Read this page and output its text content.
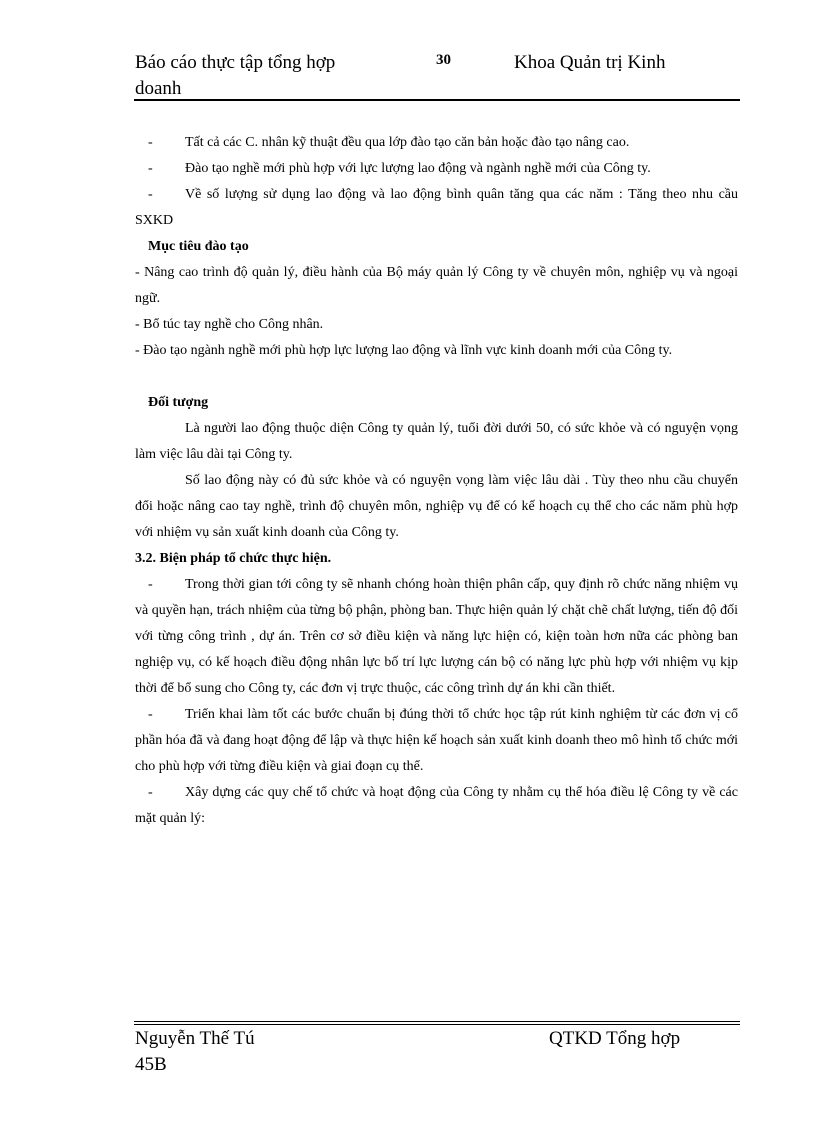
Báo cáo thực tập tổng hợp
doanh
30	Khoa Quản trị Kinh

- Tất cả các C. nhân kỹ thuật đều qua lớp đào tạo căn bản hoặc đào tạo nâng cao.

- Đào tạo nghề mới phù hợp với lực lượng lao động và ngành nghề mới của Công ty.

- Về số lượng sử dụng lao động và lao động bình quân tăng qua các năm : Tăng theo nhu cầu SXKD

Mục tiêu đào tạo

- Nâng cao trình độ quản lý, điều hành của Bộ máy quản lý Công ty về chuyên môn, nghiệp vụ và ngoại ngữ.

- Bổ túc tay nghề cho Công nhân.

- Đào tạo ngành nghề mới phù hợp lực lượng lao động và lĩnh vực kinh doanh mới của Công ty.

Đối tượng

Là người lao động thuộc diện Công ty quản lý, tuổi đời dưới 50, có sức khỏe và có nguyện vọng làm việc lâu dài tại Công ty.

Số lao động này có đủ sức khỏe và có nguyện vọng làm việc lâu dài . Tùy theo nhu cầu chuyển đổi hoặc nâng cao tay nghề, trình độ chuyên môn, nghiệp vụ để có kế hoạch cụ thể cho các năm phù hợp với nhiệm vụ sản xuất kinh doanh của Công ty.

3.2. Biện pháp tổ chức thực hiện.

- Trong thời gian tới công ty sẽ nhanh chóng hoàn thiện phân cấp, quy định rõ chức năng nhiệm vụ và quyền hạn, trách nhiệm của từng bộ phận, phòng ban. Thực hiện quản lý chặt chẽ chất lượng, tiến độ đối với từng công trình , dự án. Trên cơ sở điều kiện và năng lực hiện có, kiện toàn hơn nữa các phòng ban nghiệp vụ, có kế hoạch điều động nhân lực bố trí lực lượng cán bộ có năng lực phù hợp với nhiệm vụ kịp thời để bổ sung cho Công ty, các đơn vị trực thuộc, các công trình dự án khi cần thiết.

- Triển khai làm tốt các bước chuẩn bị đúng thời tổ chức học tập rút kinh nghiệm từ các đơn vị cổ phần hóa đã và đang hoạt động để lập và thực hiện kế hoạch sản xuất kinh doanh theo mô hình tổ chức mới cho phù hợp với từng điều kiện và giai đoạn cụ thể.

- Xây dựng các quy chế tổ chức và hoạt động của Công ty nhằm cụ thể hóa điều lệ Công ty về các mặt quản lý:

Nguyễn Thế Tú
45B
QTKD Tổng hợp
